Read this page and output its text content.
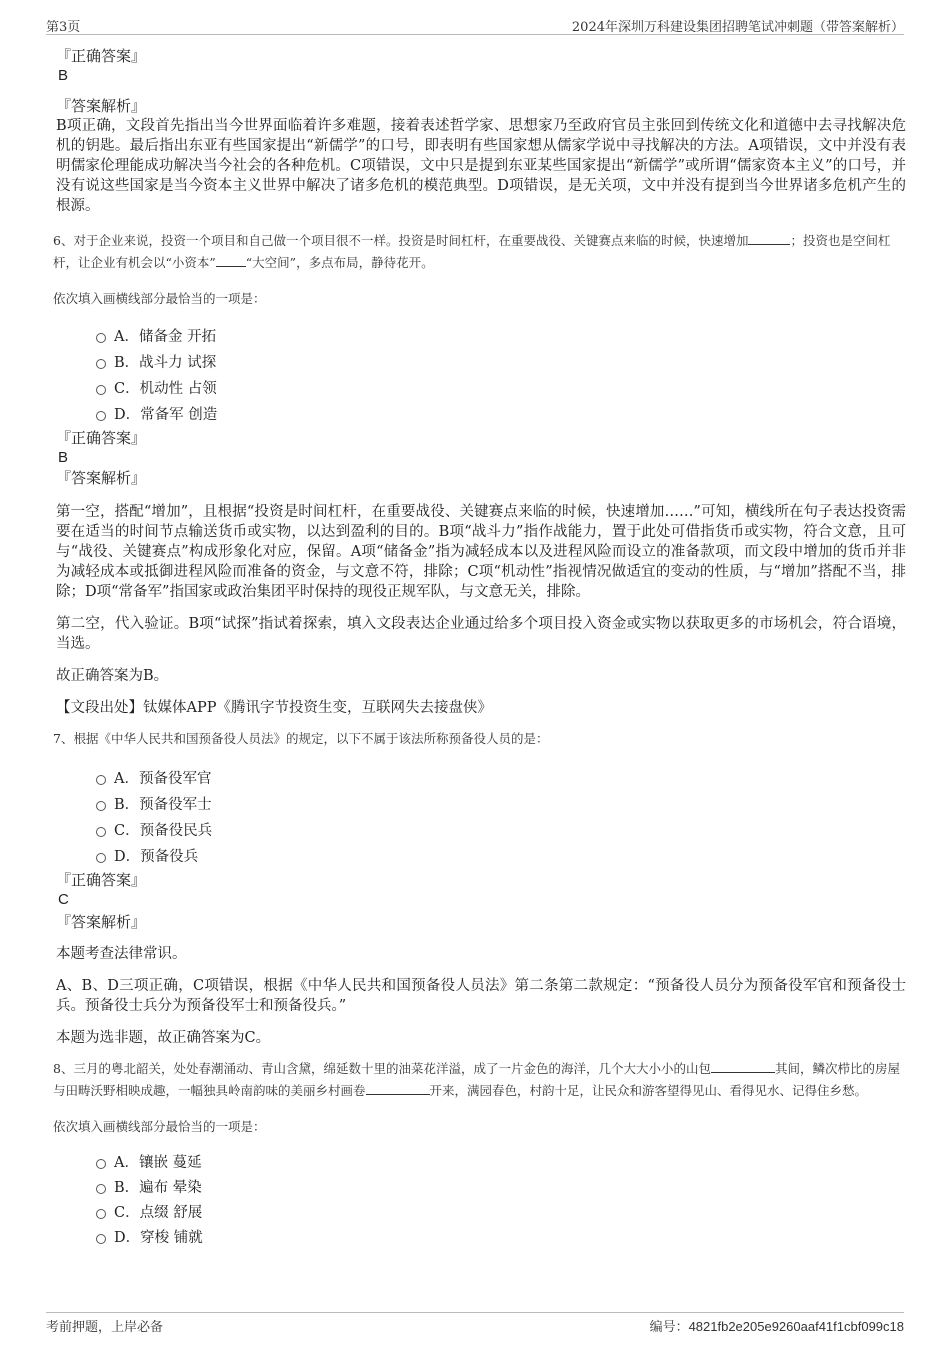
第3页	2024年深圳万科建设集团招聘笔试冲刺题（带答案解析）

『正确答案』

B

『答案解析』

B项正确，文段首先指出当今世界面临着许多难题，接着表述哲学家、思想家乃至政府官员主张回到传统文化和道德中去寻找解决危机的钥匙。最后指出东亚有些国家提出“新儒学”的口号，即表明有些国家想从儒家学说中寻找解决的方法。A项错误，文中并没有表明儒家伦理能成功解决当今社会的各种危机。C项错误，文中只是提到东亚某些国家提出“新儒学”或所谓“儒家资本主义”的口号，并没有说这些国家是当今资本主义世界中解决了诸多危机的模范典型。D项错误，是无关项，文中并没有提到当今世界诸多危机产生的根源。

6、对于企业来说，投资一个项目和自己做一个项目很不一样。投资是时间杠杆，在重要战役、关键赛点来临的时候，快速增加	；投资也是空间杠杆，让企业有机会以“小资本” “大空间”，多点布局，静待花开。

依次填入画横线部分最恰当的一项是：

A．储备金 开拓
B．战斗力 试探
C．机动性 占领
D．常备军 创造

『正确答案』

B

『答案解析』

第一空，搭配“增加”，且根据“投资是时间杠杆，在重要战役、关键赛点来临的时候，快速增加……”可知，横线所在句子表达投资需要在适当的时间节点输送货币或实物，以达到盈利的目的。B项“战斗力”指作战能力，置于此处可借指货币或实物，符合文意，且可与“战役、关键赛点”构成形象化对应，保留。A项“储备金”指为减轻成本以及进程风险而设立的准备款项，而文段中增加的货币并非为减轻成本或抵御进程风险而准备的资金，与文意不符，排除；C项“机动性”指视情况做适宜的变动的性质，与“增加”搭配不当，排除；D项“常备军”指国家或政治集团平时保持的现役正规军队，与文意无关，排除。

第二空，代入验证。B项“试探”指试着探索，填入文段表达企业通过给多个项目投入资金或实物以获取更多的市场机会，符合语境，当选。

故正确答案为B。

【文段出处】钛媒体APP《腾讯字节投资生变，互联网失去接盘侠》

7、根据《中华人民共和国预备役人员法》的规定，以下不属于该法所称预备役人员的是：

A．预备役军官
B．预备役军士
C．预备役民兵
D．预备役兵

『正确答案』

C

『答案解析』

本题考查法律常识。

A、B、D三项正确，C项错误，根据《中华人民共和国预备役人员法》第二条第二款规定：“预备役人员分为预备役军官和预备役士兵。预备役士兵分为预备役军士和预备役兵。”

本题为选非题，故正确答案为C。

8、三月的粤北韶关，处处春潮涌动、青山含黛，绵延数十里的油菜花洋溢，成了一片金色的海洋，几个大大小小的山包	其间，鳞次栉比的房屋与田畴沃野相映成趣，一幅独具岭南韵味的美丽乡村画卷	开来，满园春色，村韵十足，让民众和游客望得见山、看得见水、记得住乡愁。

依次填入画横线部分最恰当的一项是：

A．镶嵌 蔓延
B．遍布 晕染
C．点缀 舒展
D．穿梭 铺就
考前押题，上岸必备	编号：4821fb2e205e9260aaf41f1cbf099c18
